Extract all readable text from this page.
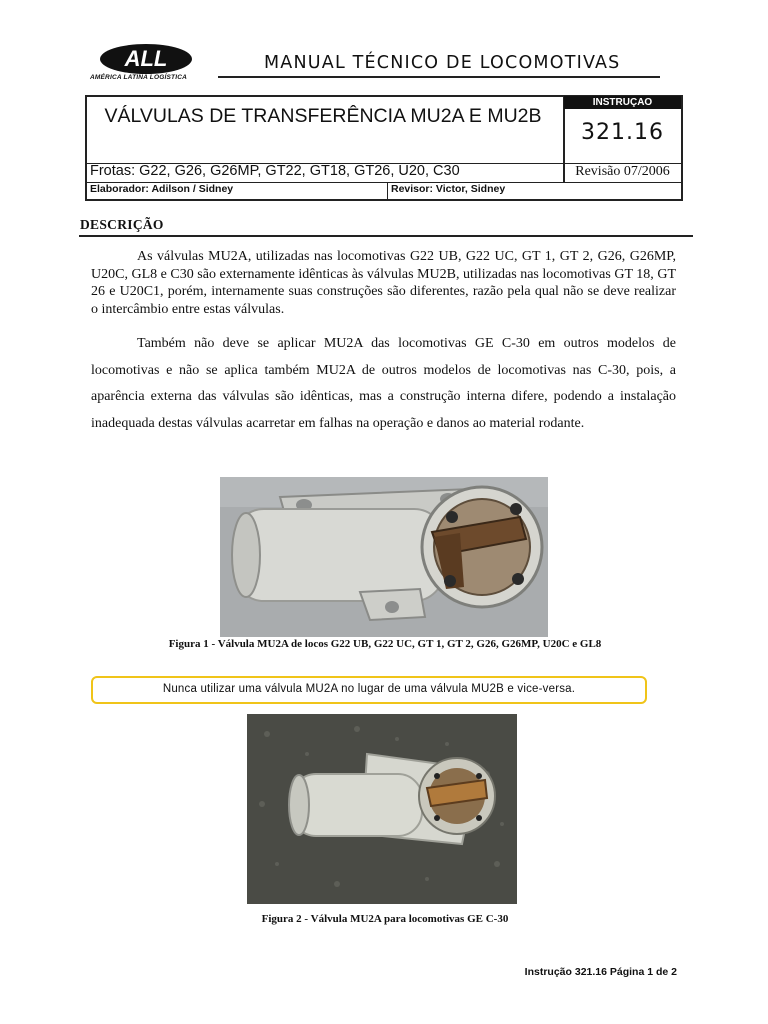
ALL
AMÉRICA LATINA LOGÍSTICA
MANUAL TÉCNICO DE LOCOMOTIVAS
VÁLVULAS DE TRANSFERÊNCIA MU2A E MU2B
INSTRUÇAO
321.16
Frotas: G22, G26, G26MP, GT22, GT18, GT26, U20, C30	Revisão 07/2006
Elaborador: Adilson / Sidney	Revisor: Victor, Sidney
DESCRIÇÃO
As válvulas MU2A, utilizadas nas locomotivas G22 UB, G22 UC, GT 1, GT 2, G26, G26MP, U20C, GL8 e C30 são externamente idênticas às válvulas MU2B, utilizadas nas locomotivas GT 18, GT 26 e U20C1, porém, internamente suas construções são diferentes, razão pela qual não se deve realizar o intercâmbio entre estas válvulas.
Também não deve se aplicar MU2A das locomotivas GE C-30 em outros modelos de locomotivas e não se aplica também MU2A de outros modelos de locomotivas nas C-30, pois, a aparência externa das válvulas são idênticas, mas a construção interna difere, podendo a instalação inadequada destas válvulas acarretar em falhas na operação e danos ao material rodante.
Figura 1 - Válvula MU2A de locos G22 UB, G22 UC, GT 1, GT 2, G26, G26MP, U20C e GL8
Nunca utilizar uma válvula MU2A no lugar de uma válvula MU2B e vice-versa.
Figura 2 - Válvula MU2A para locomotivas GE C-30
Instrução 321.16 Página 1 de 2
